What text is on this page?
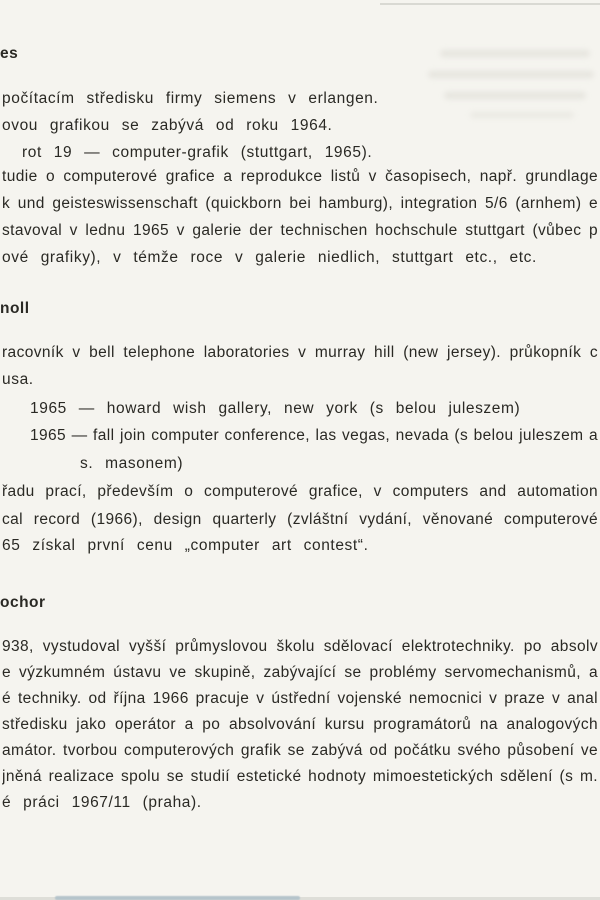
es
počítacím středisku firmy siemens v erlangen.
ovou grafikou se zabývá od roku 1964.
rot 19 — computer-grafik (stuttgart, 1965).
tudie o computerové grafice a reprodukce listů v časopisech, např. grundlage
k und geisteswissenschaft (quickborn bei hamburg), integration 5/6 (arnhem) e
stavoval v lednu 1965 v galerie der technischen hochschule stuttgart (vůbec p
ové grafiky), v témže roce v galerie niedlich, stuttgart etc., etc.
noll
racovník v bell telephone laboratories v murray hill (new jersey). průkopník c
usa.
1965 — howard wish gallery, new york (s belou juleszem)
1965 — fall join computer conference, las vegas, nevada (s belou juleszem a
s. masonem)
řadu prací, především o computerové grafice, v computers and automation
cal record (1966), design quarterly (zvláštní vydání, věnované computerové
65 získal první cenu „computer art contest“.
ochor
938, vystudoval vyšší průmyslovou školu sdělovací elektrotechniky. po absolv
e výzkumném ústavu ve skupině, zabývající se problémy servomechanismů, a
é techniky. od října 1966 pracuje v ústřední vojenské nemocnici v praze v anal
středisku jako operátor a po absolvování kursu programátorů na analogových
amátor. tvorbou computerových grafik se zabývá od počátku svého působení ve
jněná realizace spolu se studií estetické hodnoty mimoestetických sdělení (s m.
é práci 1967/11 (praha).
